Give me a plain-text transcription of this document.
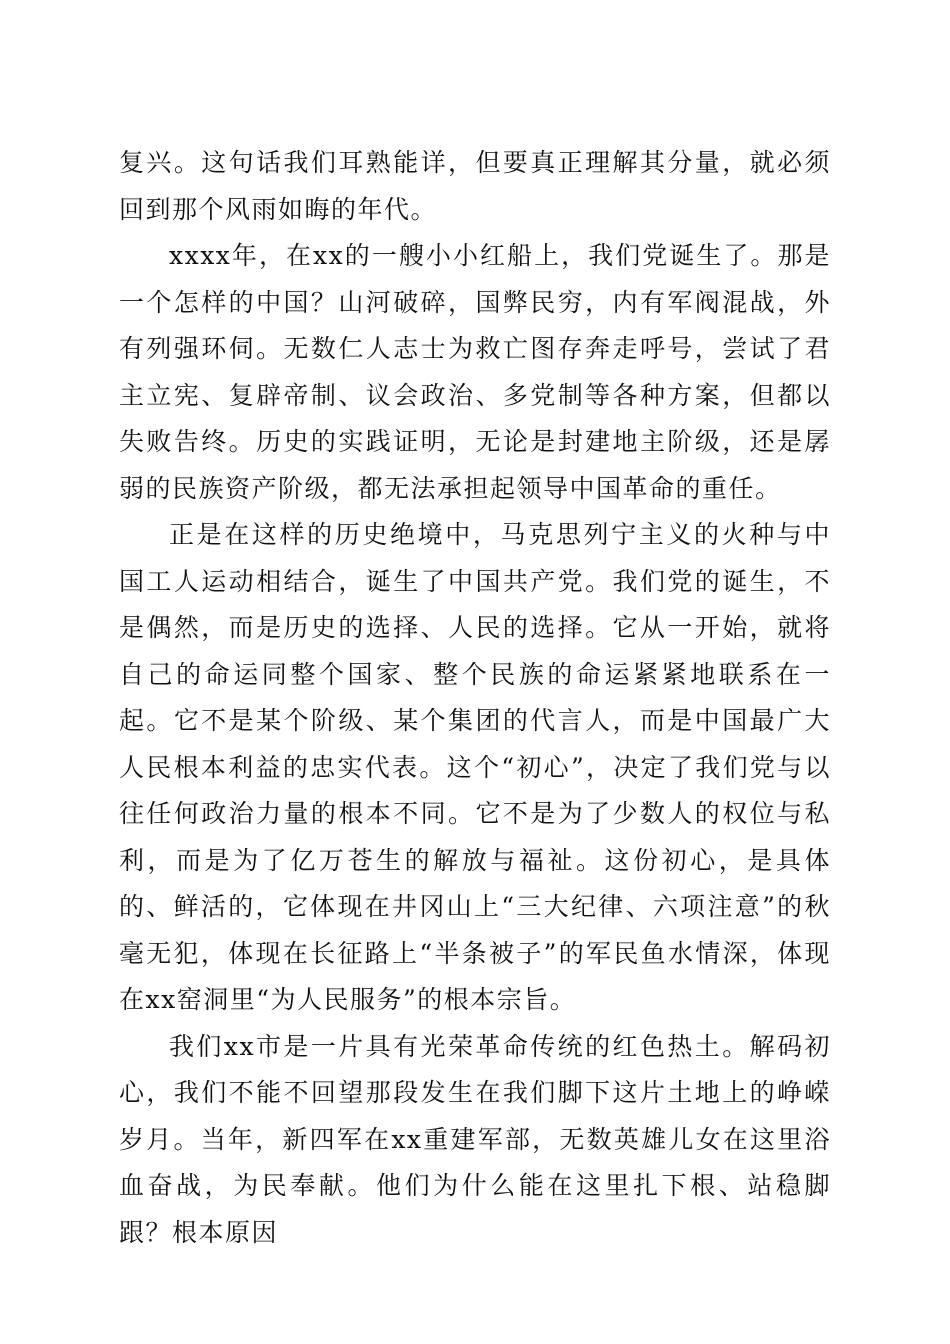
复兴。这句话我们耳熟能详，但要真正理解其分量，就必须回到那个风雨如晦的年代。

xxxx年，在xx的一艘小小红船上，我们党诞生了。那是一个怎样的中国？山河破碎，国弊民穷，内有军阀混战，外有列强环伺。无数仁人志士为救亡图存奔走呼号，尝试了君主立宪、复辟帝制、议会政治、多党制等各种方案，但都以失败告终。历史的实践证明，无论是封建地主阶级，还是孱弱的民族资产阶级，都无法承担起领导中国革命的重任。

正是在这样的历史绝境中，马克思列宁主义的火种与中国工人运动相结合，诞生了中国共产党。我们党的诞生，不是偶然，而是历史的选择、人民的选择。它从一开始，就将自己的命运同整个国家、整个民族的命运紧紧地联系在一起。它不是某个阶级、某个集团的代言人，而是中国最广大人民根本利益的忠实代表。这个“初心”，决定了我们党与以往任何政治力量的根本不同。它不是为了少数人的权位与私利，而是为了亿万苍生的解放与福祉。这份初心，是具体的、鲜活的，它体现在井冈山上“三大纪律、六项注意”的秋毫无犯，体现在长征路上“半条被子”的军民鱼水情深，体现在xx窑洞里“为人民服务”的根本宗旨。

我们xx市是一片具有光荣革命传统的红色热土。解码初心，我们不能不回望那段发生在我们脚下这片土地上的峥嵘岁月。当年，新四军在xx重建军部，无数英雄儿女在这里浴血奋战，为民奉献。他们为什么能在这里扎下根、站稳脚跟？根本原因
